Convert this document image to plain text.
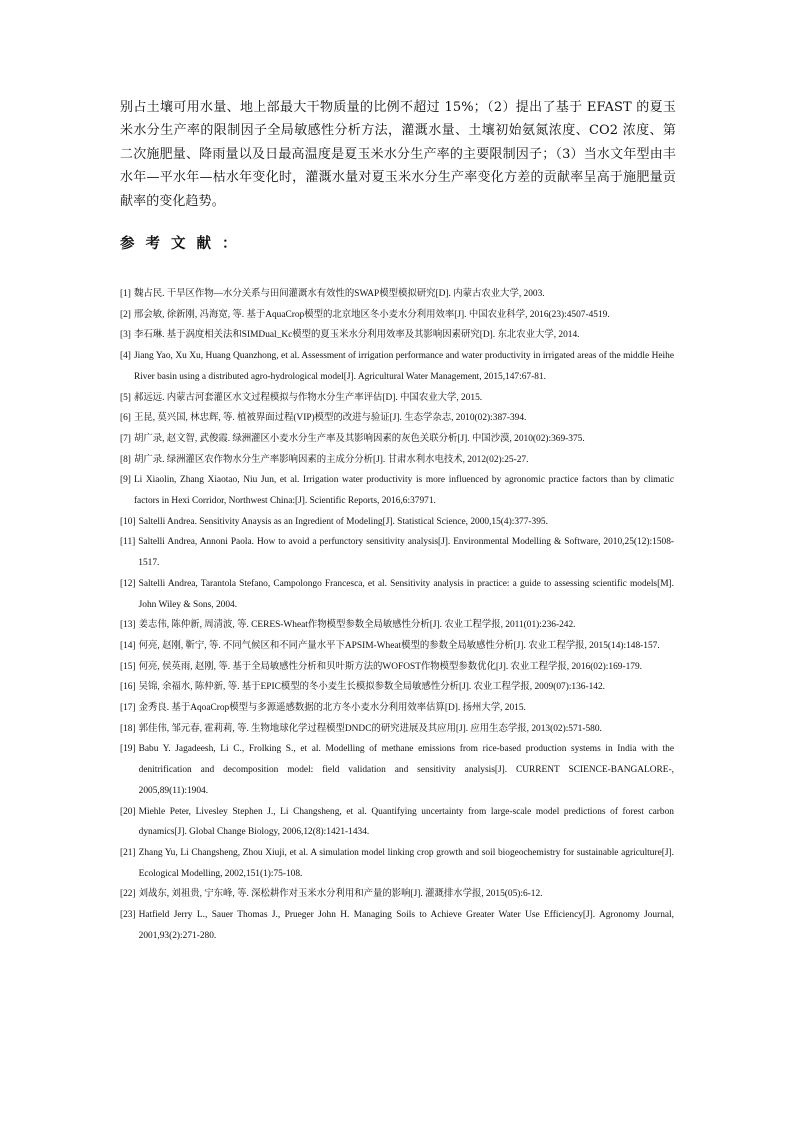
别占土壤可用水量、地上部最大干物质量的比例不超过 15%；（2）提出了基于 EFAST 的夏玉米水分生产率的限制因子全局敏感性分析方法，灌溉水量、土壤初始氨氮浓度、CO2 浓度、第二次施肥量、降雨量以及日最高温度是夏玉米水分生产率的主要限制因子；（3）当水文年型由丰水年—平水年—枯水年变化时，灌溉水量对夏玉米水分生产率变化方差的贡献率呈高于施肥量贡献率的变化趋势。

参考文献：
[1] 魏占民. 干旱区作物—水分关系与田间灌溉水有效性的SWAP模型模拟研究[D]. 内蒙古农业大学, 2003.
[2] 邢会敏, 徐新刚, 冯海宽, 等. 基于AquaCrop模型的北京地区冬小麦水分利用效率[J]. 中国农业科学, 2016(23):4507-4519.
[3] 李石琳. 基于涡度相关法和SIMDual_Kc模型的夏玉米水分利用效率及其影响因素研究[D]. 东北农业大学, 2014.
[4] Jiang Yao, Xu Xu, Huang Quanzhong, et al. Assessment of irrigation performance and water productivity in irrigated areas of the middle Heihe River basin using a distributed agro-hydrological model[J]. Agricultural Water Management, 2015,147:67-81.
[5] 郝远远. 内蒙古河套灌区水文过程模拟与作物水分生产率评估[D]. 中国农业大学, 2015.
[6] 王昆, 莫兴国, 林忠辉, 等. 植被界面过程(VIP)模型的改进与验证[J]. 生态学杂志, 2010(02):387-394.
[7] 胡广录, 赵文智, 武俊霞. 绿洲灌区小麦水分生产率及其影响因素的灰色关联分析[J]. 中国沙漠, 2010(02):369-375.
[8] 胡广录. 绿洲灌区农作物水分生产率影响因素的主成分分析[J]. 甘肃水利水电技术, 2012(02):25-27.
[9] Li Xiaolin, Zhang Xiaotao, Niu Jun, et al. Irrigation water productivity is more influenced by agronomic practice factors than by climatic factors in Hexi Corridor, Northwest China:[J]. Scientific Reports, 2016,6:37971.
[10] Saltelli Andrea. Sensitivity Anaysis as an Ingredient of Modeling[J]. Statistical Science, 2000,15(4):377-395.
[11] Saltelli Andrea, Annoni Paola. How to avoid a perfunctory sensitivity analysis[J]. Environmental Modelling & Software, 2010,25(12):1508-1517.
[12] Saltelli Andrea, Tarantola Stefano, Campolongo Francesca, et al. Sensitivity analysis in practice: a guide to assessing scientific models[M]. John Wiley & Sons, 2004.
[13] 姜志伟, 陈仲新, 周清波, 等. CERES-Wheat作物模型参数全局敏感性分析[J]. 农业工程学报, 2011(01):236-242.
[14] 何亮, 赵刚, 靳宁, 等. 不同气候区和不同产量水平下APSIM-Wheat模型的参数全局敏感性分析[J]. 农业工程学报, 2015(14):148-157.
[15] 何亮, 侯英雨, 赵刚, 等. 基于全局敏感性分析和贝叶斯方法的WOFOST作物模型参数优化[J]. 农业工程学报, 2016(02):169-179.
[16] 吴锦, 余福水, 陈仲新, 等. 基于EPIC模型的冬小麦生长模拟参数全局敏感性分析[J]. 农业工程学报, 2009(07):136-142.
[17] 金秀良. 基于AqoaCrop模型与多源遥感数据的北方冬小麦水分利用效率估算[D]. 扬州大学, 2015.
[18] 郭佳伟, 邹元春, 霍莉莉, 等. 生物地球化学过程模型DNDC的研究进展及其应用[J]. 应用生态学报, 2013(02):571-580.
[19] Babu Y. Jagadeesh, Li C., Frolking S., et al. Modelling of methane emissions from rice-based production systems in India with the denitrification and decomposition model: field validation and sensitivity analysis[J]. CURRENT SCIENCE-BANGALORE-, 2005,89(11):1904.
[20] Miehle Peter, Livesley Stephen J., Li Changsheng, et al. Quantifying uncertainty from large‐scale model predictions of forest carbon dynamics[J]. Global Change Biology, 2006,12(8):1421-1434.
[21] Zhang Yu, Li Changsheng, Zhou Xiuji, et al. A simulation model linking crop growth and soil biogeochemistry for sustainable agriculture[J]. Ecological Modelling, 2002,151(1):75-108.
[22] 刘战东, 刘祖贵, 宁东峰, 等. 深松耕作对玉米水分利用和产量的影响[J]. 灌溉排水学报, 2015(05):6-12.
[23] Hatfield Jerry L., Sauer Thomas J., Prueger John H. Managing Soils to Achieve Greater Water Use Efficiency[J]. Agronomy Journal, 2001,93(2):271-280.
